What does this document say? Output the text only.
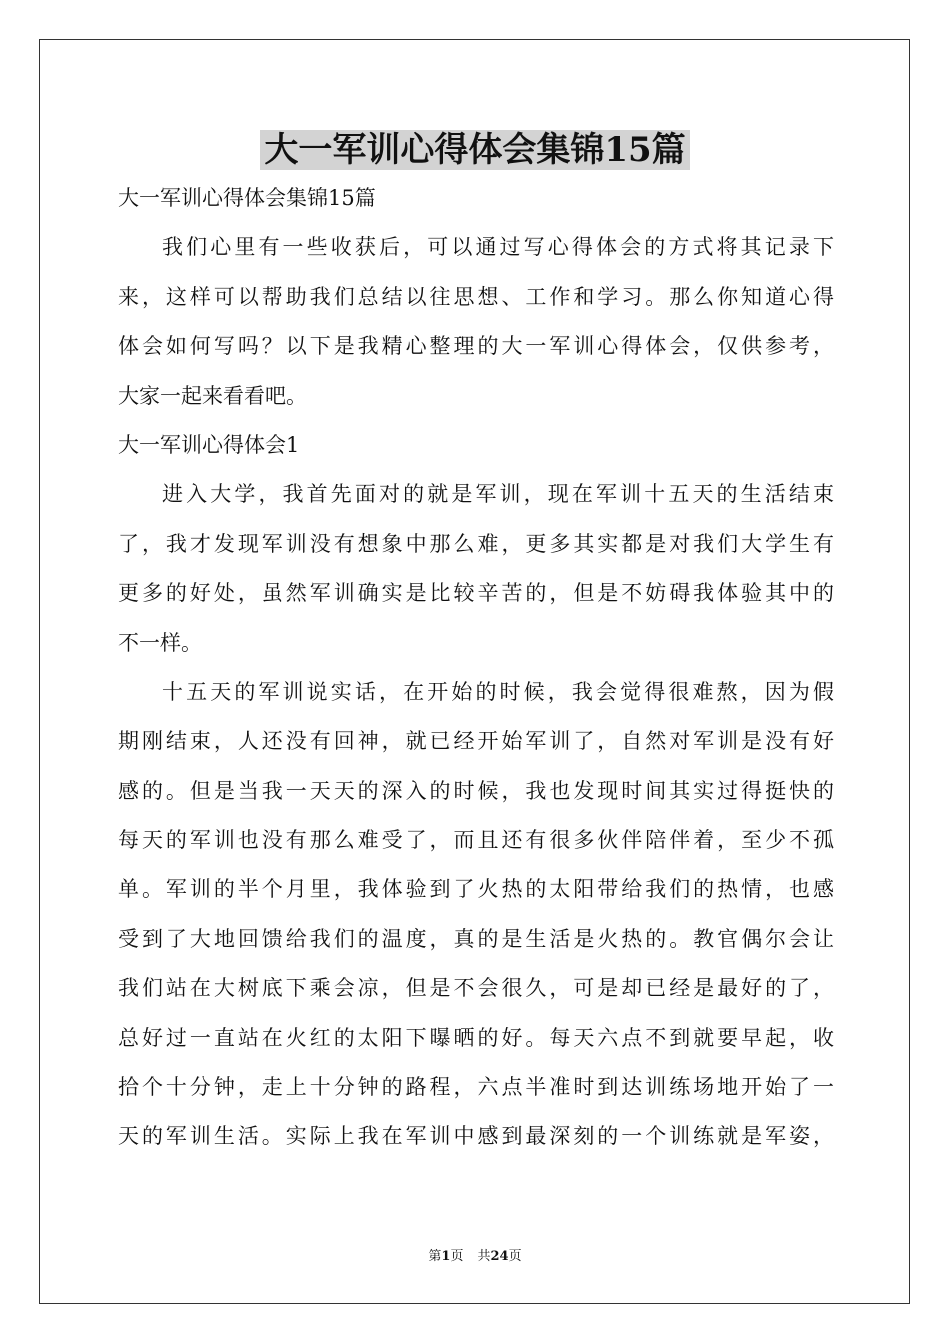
大一军训心得体会集锦15篇
大一军训心得体会集锦15篇
我们心里有一些收获后，可以通过写心得体会的方式将其记录下
来，这样可以帮助我们总结以往思想、工作和学习。那么你知道心得
体会如何写吗？以下是我精心整理的大一军训心得体会，仅供参考，
大家一起来看看吧。
大一军训心得体会1
进入大学，我首先面对的就是军训，现在军训十五天的生活结束
了，我才发现军训没有想象中那么难，更多其实都是对我们大学生有
更多的好处，虽然军训确实是比较辛苦的，但是不妨碍我体验其中的
不一样。
十五天的军训说实话，在开始的时候，我会觉得很难熬，因为假
期刚结束，人还没有回神，就已经开始军训了，自然对军训是没有好
感的。但是当我一天天的深入的时候，我也发现时间其实过得挺快的
每天的军训也没有那么难受了，而且还有很多伙伴陪伴着，至少不孤
单。军训的半个月里，我体验到了火热的太阳带给我们的热情，也感
受到了大地回馈给我们的温度，真的是生活是火热的。教官偶尔会让
我们站在大树底下乘会凉，但是不会很久，可是却已经是最好的了，
总好过一直站在火红的太阳下曝晒的好。每天六点不到就要早起，收
拾个十分钟，走上十分钟的路程，六点半准时到达训练场地开始了一
天的军训生活。实际上我在军训中感到最深刻的一个训练就是军姿，
第1页 共24页
